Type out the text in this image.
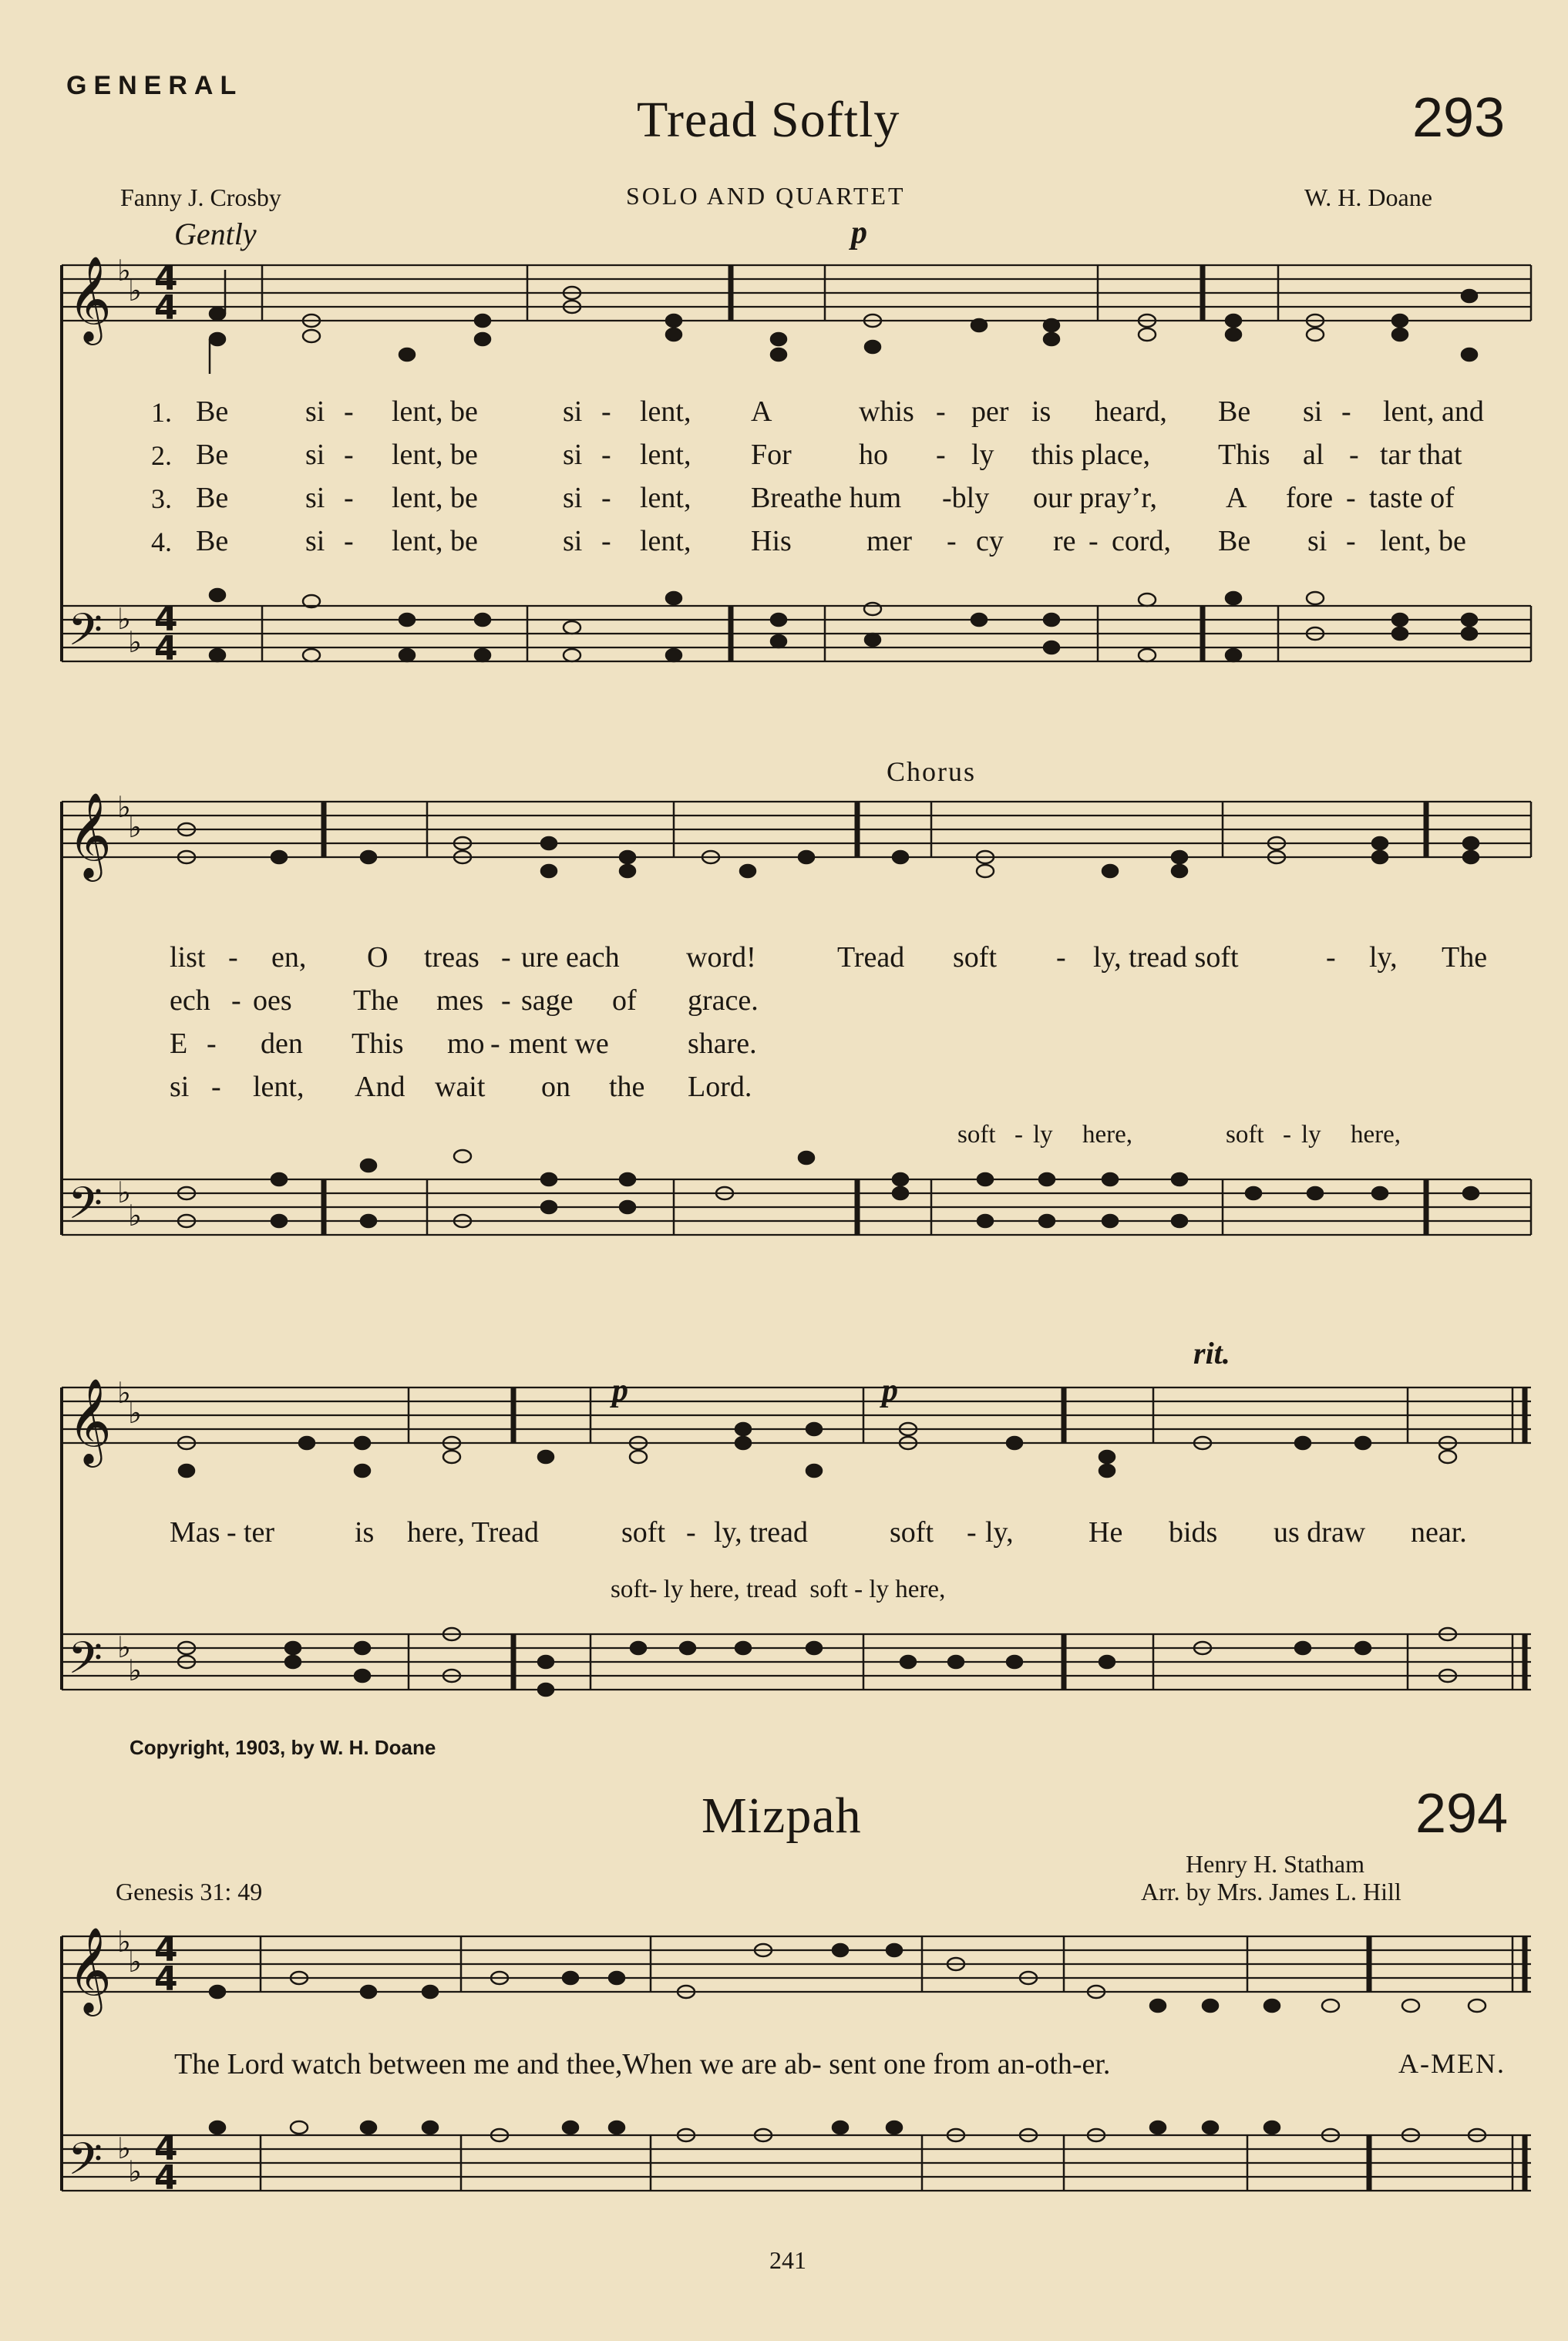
GENERAL
Tread Softly	293
Fanny J. Crosby	SOLO AND QUARTET	W. H. Doane
Gently	p
𝄞
𝄢
𝄞
𝄢
𝄞
𝄢
𝄞
𝄢
♭
♭
♭
♭
♭
♭
♭
♭
♭
♭
♭
♭
♭
♭
♭
♭
4
4
4
4
4
4
4
4
1. Be	si - lent, be	si - lent, A	whis - per is heard, Be si - lent, and
2. Be	si - lent, be	si - lent, For ho - ly this place, This al - tar that
3. Be	si - lent, be	si - lent, Breathe hum -bly our pray’r, A fore - taste of
4. Be	si - lent, be	si - lent, His	mer - cy re - cord, Be si - lent, be
Chorus
list - en, O treas - ure each word!
ech - oes The mes - sage of grace.
E - den This mo - ment we	share.
si - lent, And wait on the Lord.
Tread soft - ly, tread soft	- ly, The
soft - ly here,	soft - ly here,
p	p
rit.
Mas - ter	is here, Tread	soft - ly, tread	soft - ly,	He bids us draw near.
soft- ly here, tread  soft - ly here,
Copyright, 1903, by W. H. Doane
Mizpah	294
Genesis 31: 49
Henry H. Statham
Arr. by Mrs. James L. Hill
The Lord watch between me and thee,When we are ab- sent one from an-oth-er.	A-MEN.
241
